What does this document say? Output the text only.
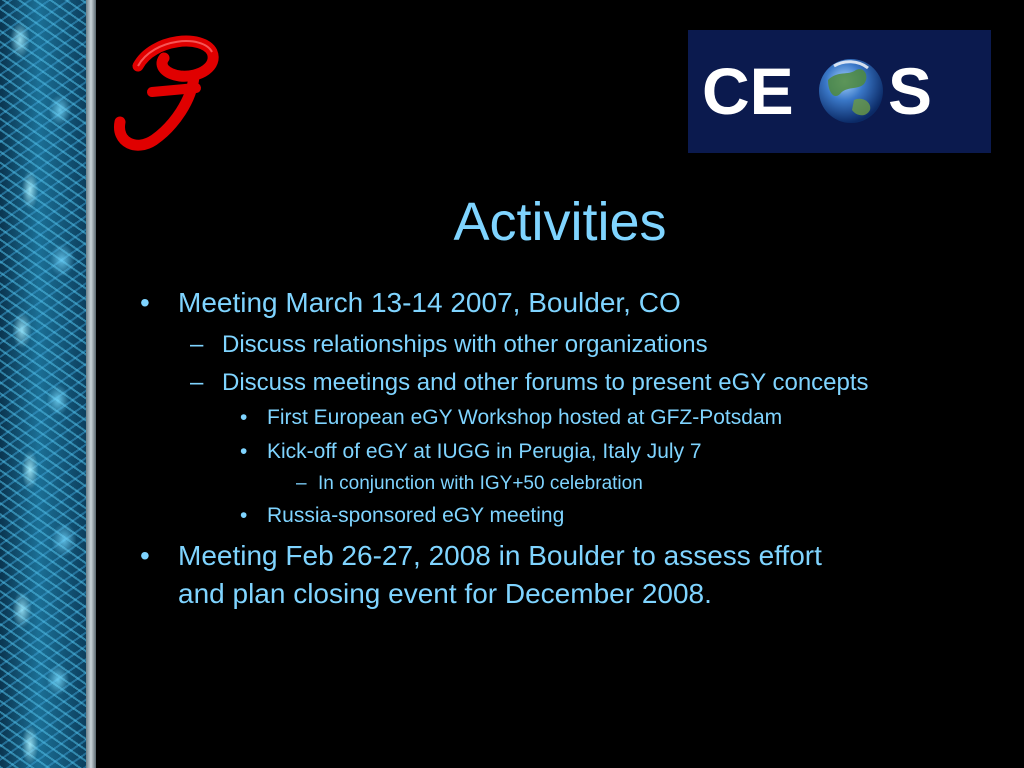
CE S
Activities
• Meeting March 13-14 2007, Boulder, CO
– Discuss relationships with other organizations
– Discuss meetings and other forums to present eGY concepts
• First European eGY Workshop hosted at GFZ-Potsdam
• Kick-off of eGY at IUGG in Perugia, Italy July 7
– In conjunction with IGY+50 celebration
• Russia-sponsored eGY meeting
• Meeting Feb 26-27, 2008 in Boulder to assess effort
and plan closing event for December 2008.
